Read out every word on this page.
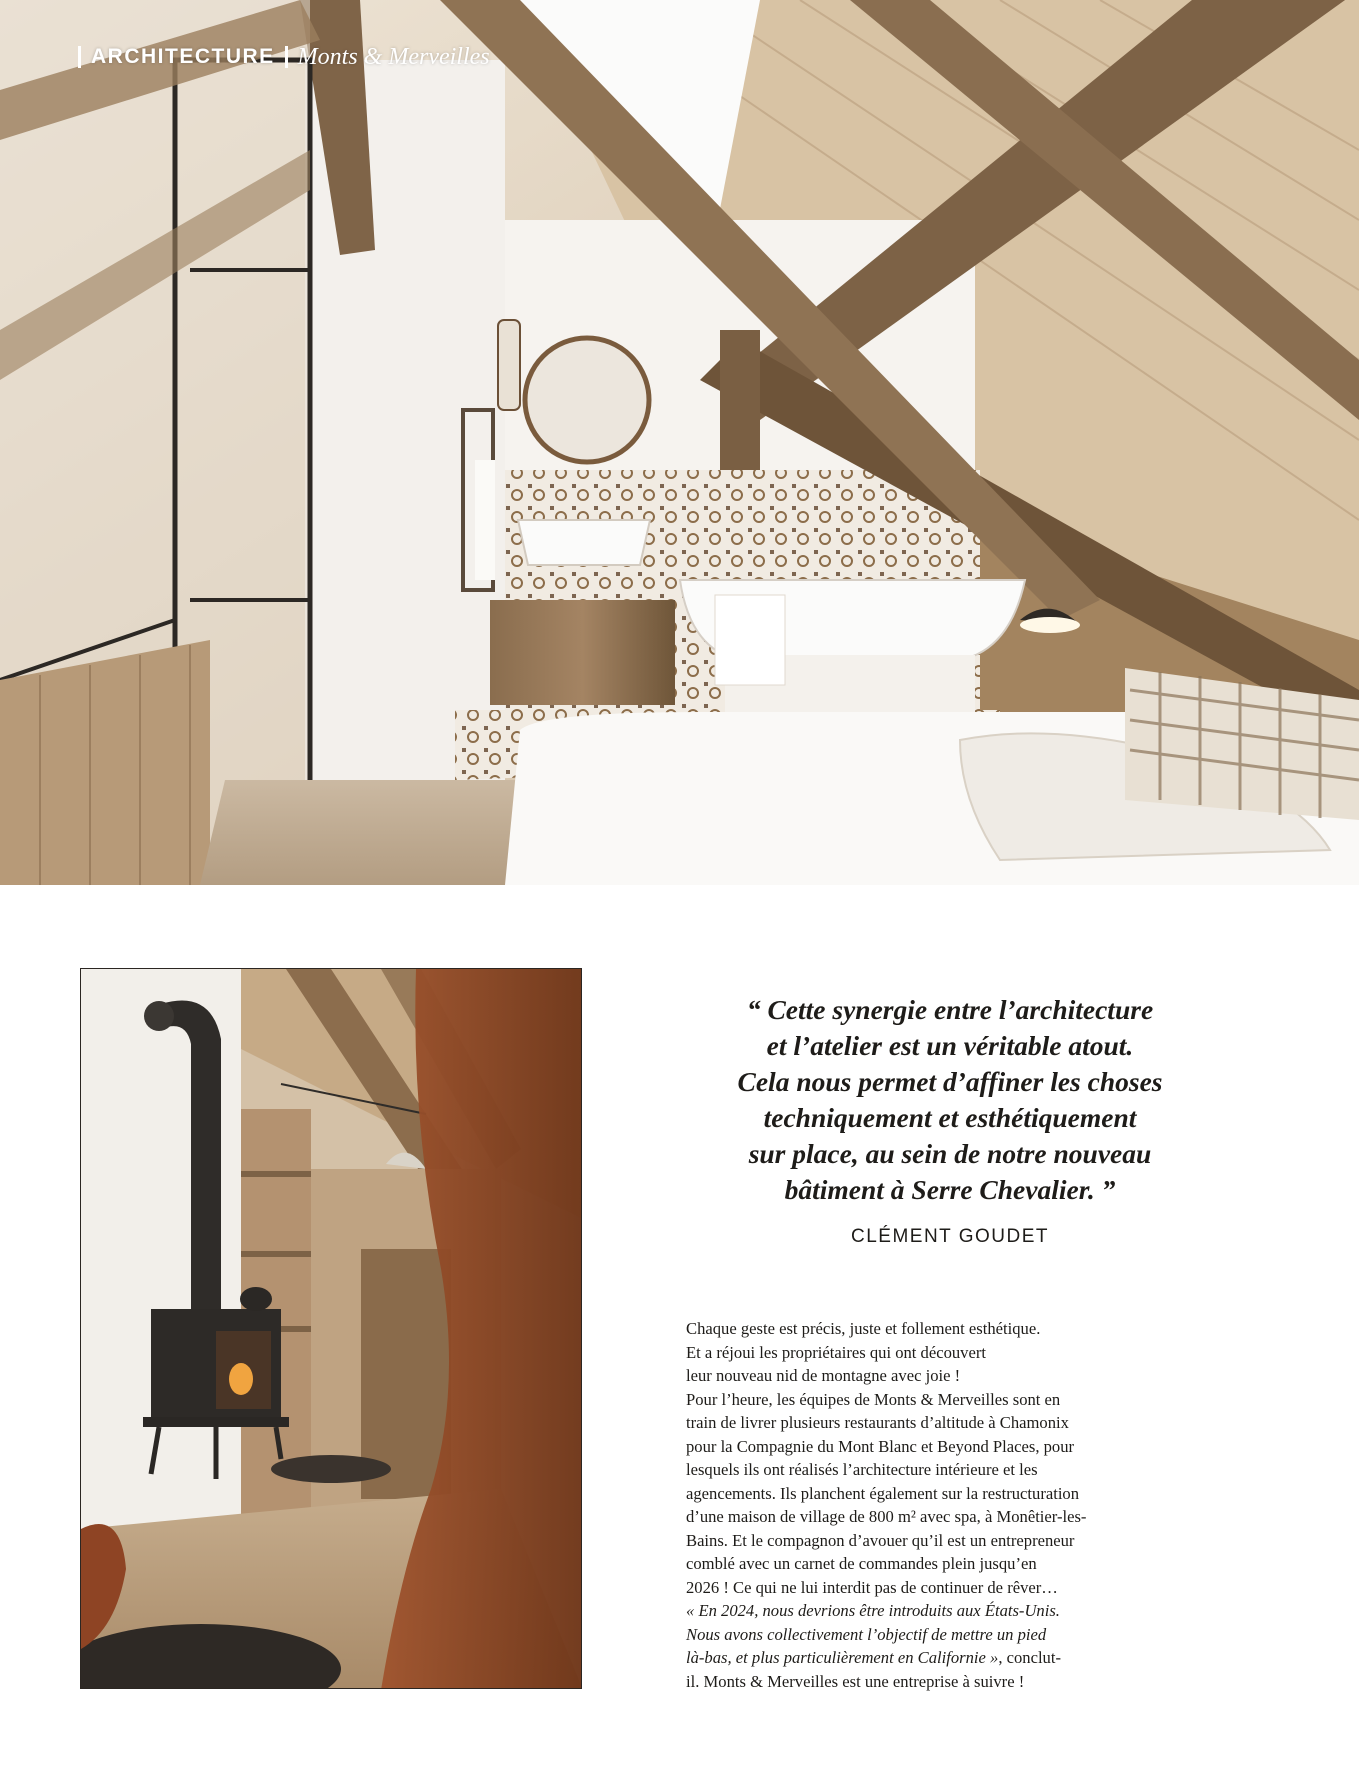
ARCHITECTURE Monts & Merveilles
“ Cette synergie entre l’architecture
et l’atelier est un véritable atout.
Cela nous permet d’affiner les choses
techniquement et esthétiquement
sur place, au sein de notre nouveau
bâtiment à Serre Chevalier. ”
CLÉMENT GOUDET
Chaque geste est précis, juste et follement esthétique.
Et a réjoui les propriétaires qui ont découvert
leur nouveau nid de montagne avec joie !
Pour l’heure, les équipes de Monts & Merveilles sont en
train de livrer plusieurs restaurants d’altitude à Chamonix
pour la Compagnie du Mont Blanc et Beyond Places, pour
lesquels ils ont réalisés l’architecture intérieure et les
agencements. Ils planchent également sur la restructuration
d’une maison de village de 800 m² avec spa, à Monêtier-les-
Bains. Et le compagnon d’avouer qu’il est un entrepreneur
comblé avec un carnet de commandes plein jusqu’en
2026 ! Ce qui ne lui interdit pas de continuer de rêver…
« En 2024, nous devrions être introduits aux États-Unis.
Nous avons collectivement l’objectif de mettre un pied
là-bas, et plus particulièrement en Californie », conclut-
il. Monts & Merveilles est une entreprise à suivre !
